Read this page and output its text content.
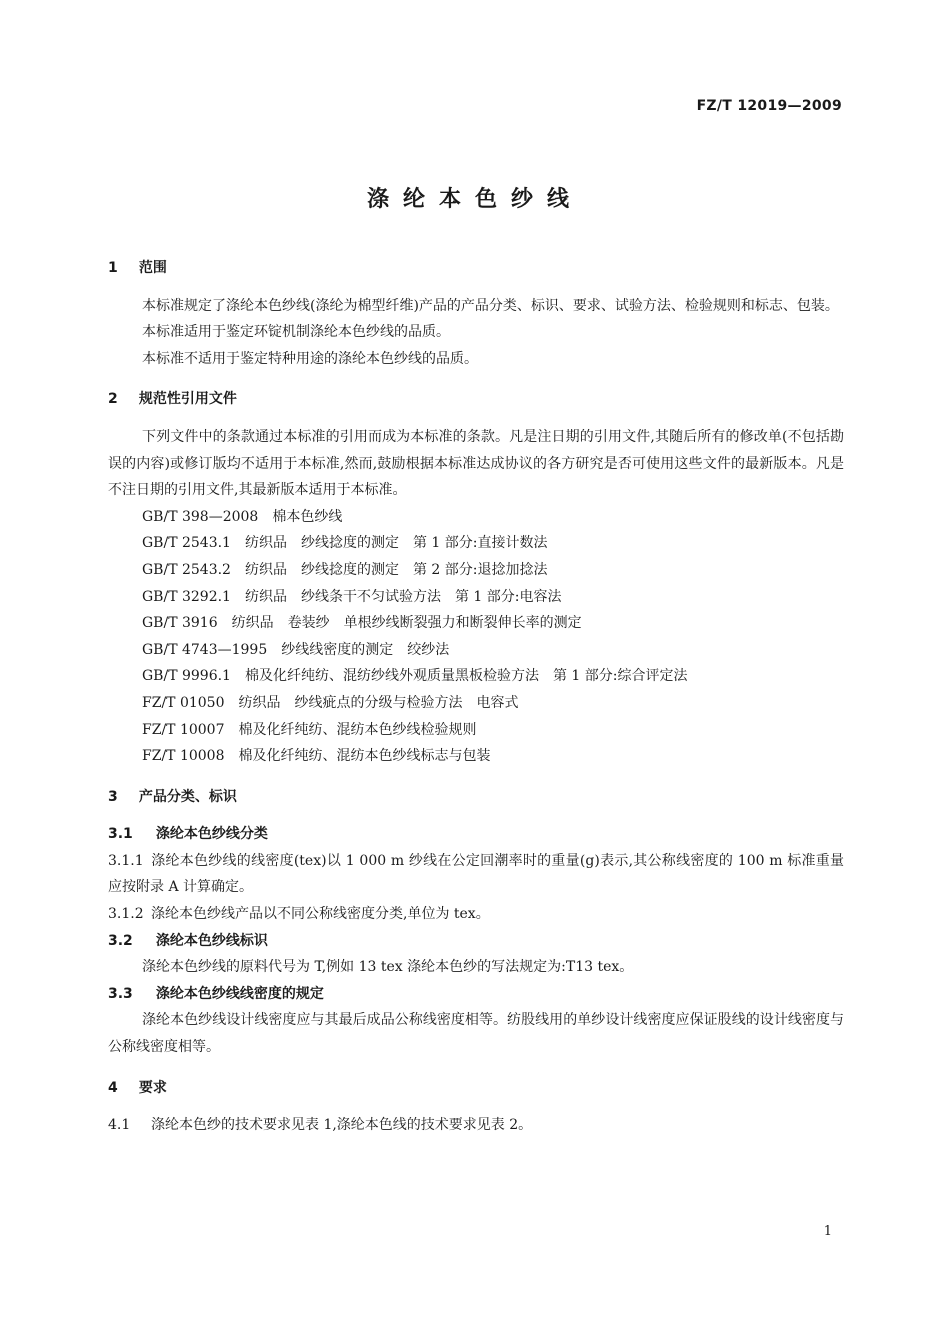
FZ/T 12019—2009
涤纶本色纱线
1 范围
本标准规定了涤纶本色纱线(涤纶为棉型纤维)产品的产品分类、标识、要求、试验方法、检验规则和标志、包装。
本标准适用于鉴定环锭机制涤纶本色纱线的品质。
本标准不适用于鉴定特种用途的涤纶本色纱线的品质。
2 规范性引用文件
下列文件中的条款通过本标准的引用而成为本标准的条款。凡是注日期的引用文件,其随后所有的修改单(不包括勘误的内容)或修订版均不适用于本标准,然而,鼓励根据本标准达成协议的各方研究是否可使用这些文件的最新版本。凡是不注日期的引用文件,其最新版本适用于本标准。
GB/T 398—2008　棉本色纱线
GB/T 2543.1　纺织品　纱线捻度的测定　第 1 部分:直接计数法
GB/T 2543.2　纺织品　纱线捻度的测定　第 2 部分:退捻加捻法
GB/T 3292.1　纺织品　纱线条干不匀试验方法　第 1 部分:电容法
GB/T 3916　纺织品　卷装纱　单根纱线断裂强力和断裂伸长率的测定
GB/T 4743—1995　纱线线密度的测定　绞纱法
GB/T 9996.1　棉及化纤纯纺、混纺纱线外观质量黑板检验方法　第 1 部分:综合评定法
FZ/T 01050　纺织品　纱线疵点的分级与检验方法　电容式
FZ/T 10007　棉及化纤纯纺、混纺本色纱线检验规则
FZ/T 10008　棉及化纤纯纺、混纺本色纱线标志与包装
3 产品分类、标识
3.1 涤纶本色纱线分类
3.1.1 涤纶本色纱线的线密度(tex)以 1 000 m 纱线在公定回潮率时的重量(g)表示,其公称线密度的 100 m 标准重量应按附录 A 计算确定。
3.1.2 涤纶本色纱线产品以不同公称线密度分类,单位为 tex。
3.2 涤纶本色纱线标识
涤纶本色纱线的原料代号为 T,例如 13 tex 涤纶本色纱的写法规定为:T13 tex。
3.3 涤纶本色纱线线密度的规定
涤纶本色纱线设计线密度应与其最后成品公称线密度相等。纺股线用的单纱设计线密度应保证股线的设计线密度与公称线密度相等。
4 要求
4.1 涤纶本色纱的技术要求见表 1,涤纶本色线的技术要求见表 2。
1
